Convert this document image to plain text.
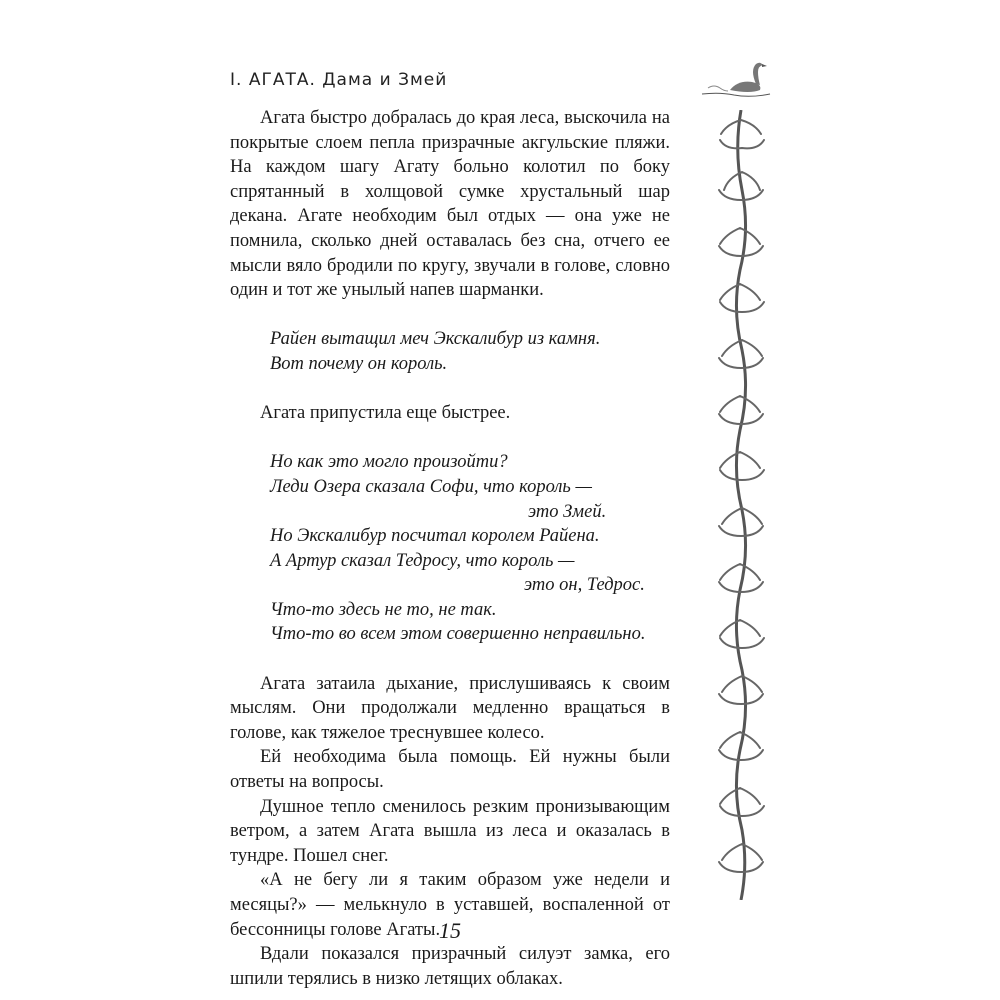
I. АГАТА. Дама и Змей

Агата быстро добралась до края леса, выскочила на покрытые слоем пепла призрачные акгульские пляжи. На каждом шагу Агату больно колотил по боку спрятанный в холщовой сумке хрустальный шар декана. Агате необходим был отдых — она уже не помнила, сколько дней оставалась без сна, отчего ее мысли вяло бродили по кругу, звучали в голове, словно один и тот же унылый напев шарманки.

Райен вытащил меч Экскалибур из камня.
Вот почему он король.

Агата припустила еще быстрее.

Но как это могло произойти?
Леди Озера сказала Софи, что король —
это Змей.
Но Экскалибур посчитал королем Райена.
А Артур сказал Тедросу, что король —
это он, Тедрос.
Что-то здесь не то, не так.
Что-то во всем этом совершенно неправильно.

Агата затаила дыхание, прислушиваясь к своим мыслям. Они продолжали медленно вращаться в голове, как тяжелое треснувшее колесо.

Ей необходима была помощь. Ей нужны были ответы на вопросы.

Душное тепло сменилось резким пронизывающим ветром, а затем Агата вышла из леса и оказалась в тундре. Пошел снег.

«А не бегу ли я таким образом уже недели и месяцы?» — мелькнуло в уставшей, воспаленной от бессонницы голове Агаты.

Вдали показался призрачный силуэт замка, его шпили терялись в низко летящих облаках.

15
